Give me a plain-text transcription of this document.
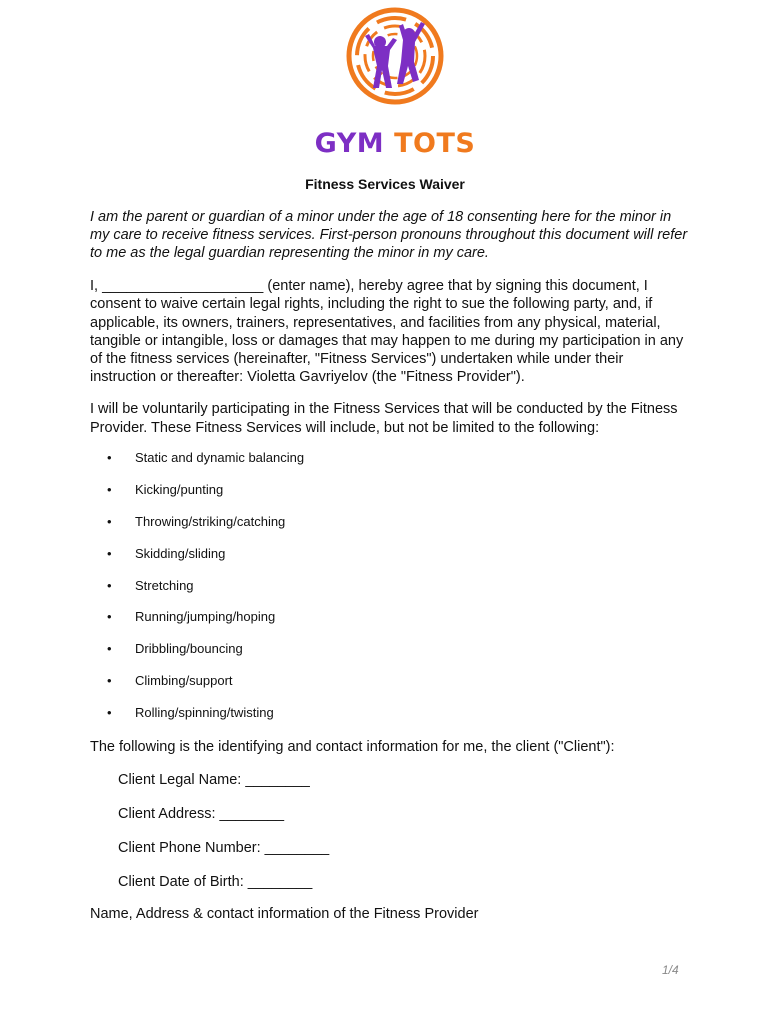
GYM TOTS
Fitness Services Waiver
I am the parent or guardian of a minor under the age of 18 consenting here for the minor in my care to receive fitness services. First-person pronouns throughout this document will refer to me as the legal guardian representing the minor in my care.
I, ____________________ (enter name), hereby agree that by signing this document, I consent to waive certain legal rights, including the right to sue the following party, and, if applicable, its owners, trainers, representatives, and facilities from any physical, material, tangible or intangible, loss or damages that may happen to me during my participation in any of the fitness services (hereinafter, "Fitness Services") undertaken while under their instruction or thereafter: Violetta Gavriyelov (the "Fitness Provider").
I will be voluntarily participating in the Fitness Services that will be conducted by the Fitness Provider. These Fitness Services will include, but not be limited to the following:
•	Static and dynamic balancing
•	Kicking/punting
•	Throwing/striking/catching
•	Skidding/sliding
•	Stretching
•	Running/jumping/hoping
•	Dribbling/bouncing
•	Climbing/support
•	Rolling/spinning/twisting
The following is the identifying and contact information for me, the client ("Client"):
Client Legal Name: ________
Client Address: ________
Client Phone Number: ________
Client Date of Birth: ________
Name, Address & contact information of the Fitness Provider
1/4
